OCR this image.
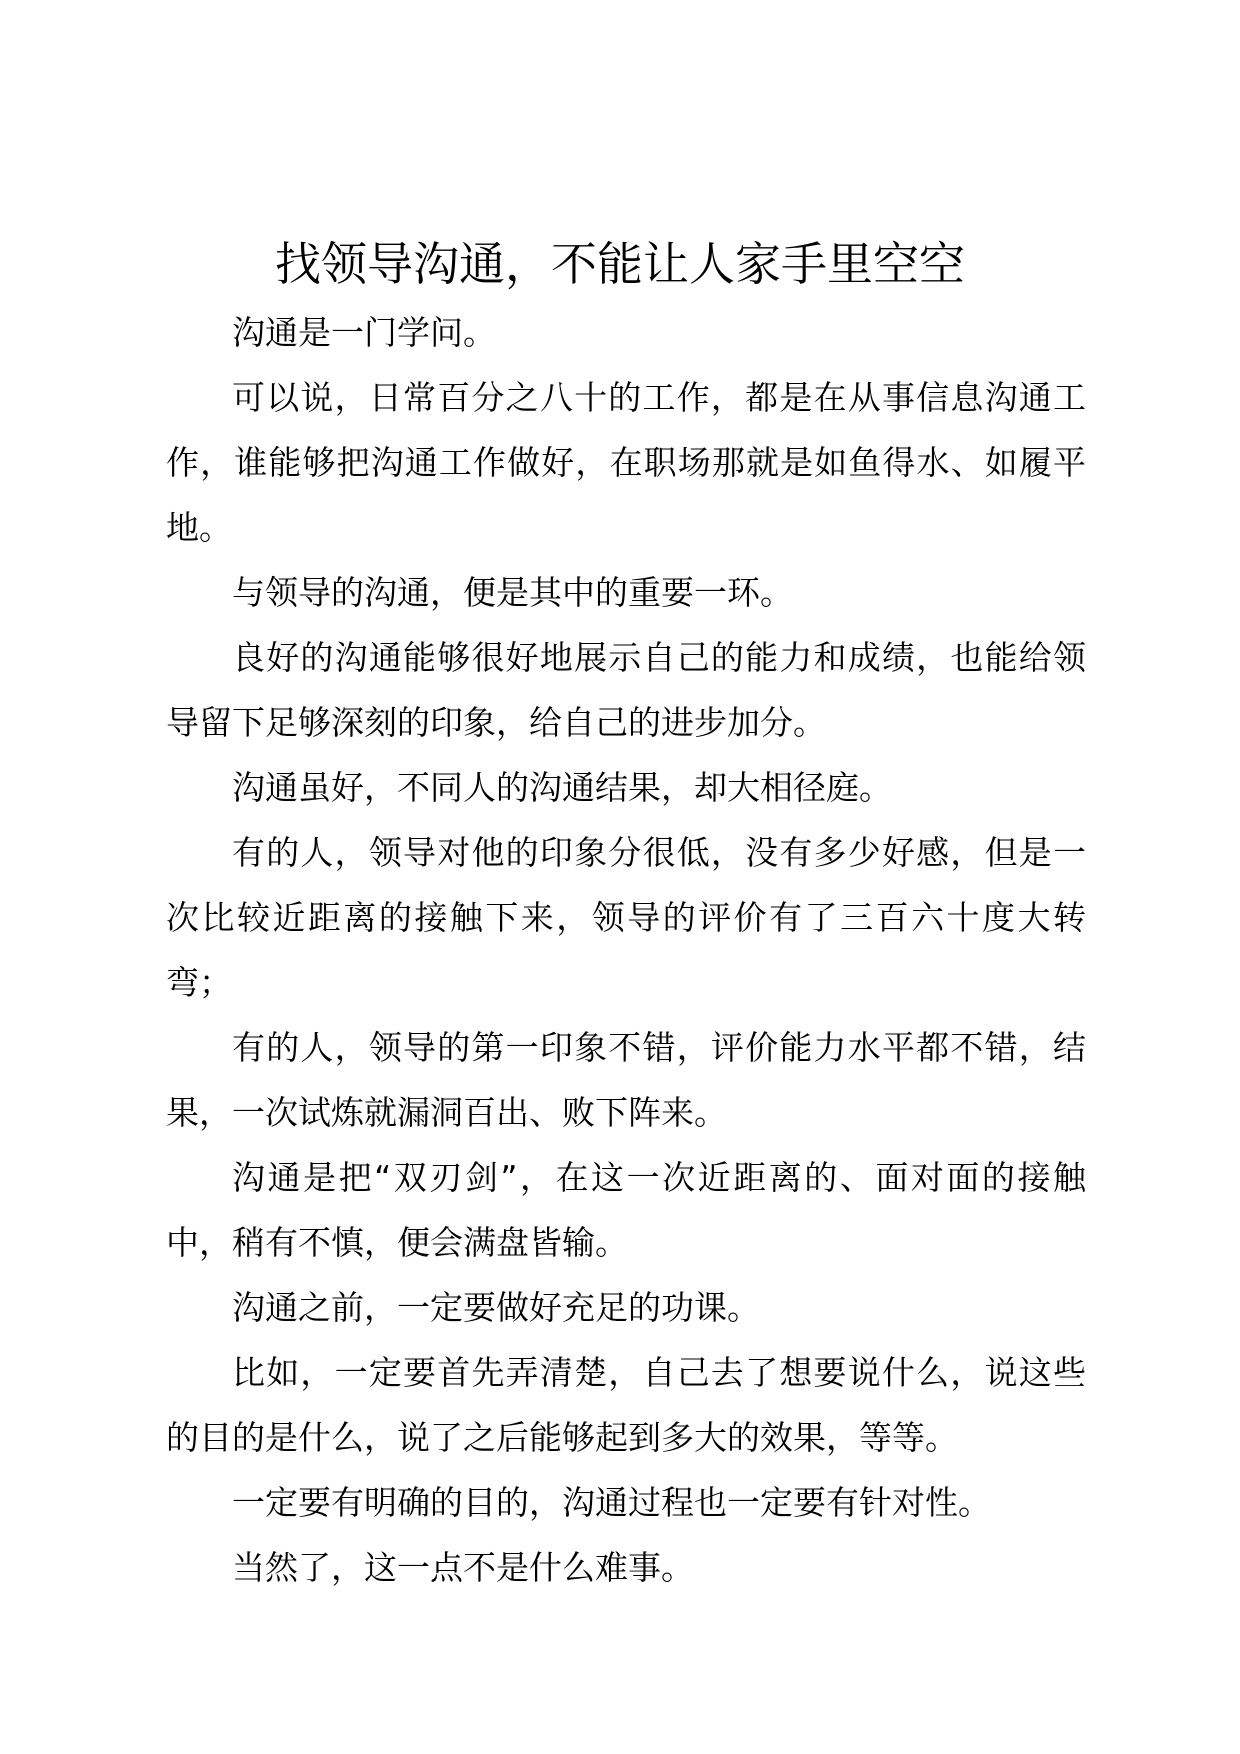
找领导沟通，不能让人家手里空空

沟通是一门学问。

可以说，日常百分之八十的工作，都是在从事信息沟通工作，谁能够把沟通工作做好，在职场那就是如鱼得水、如履平地。

与领导的沟通，便是其中的重要一环。

良好的沟通能够很好地展示自己的能力和成绩，也能给领导留下足够深刻的印象，给自己的进步加分。

沟通虽好，不同人的沟通结果，却大相径庭。

有的人，领导对他的印象分很低，没有多少好感，但是一次比较近距离的接触下来，领导的评价有了三百六十度大转弯；

有的人，领导的第一印象不错，评价能力水平都不错，结果，一次试炼就漏洞百出、败下阵来。

沟通是把“双刃剑”，在这一次近距离的、面对面的接触中，稍有不慎，便会满盘皆输。

沟通之前，一定要做好充足的功课。

比如，一定要首先弄清楚，自己去了想要说什么，说这些的目的是什么，说了之后能够起到多大的效果，等等。

一定要有明确的目的，沟通过程也一定要有针对性。

当然了，这一点不是什么难事。
